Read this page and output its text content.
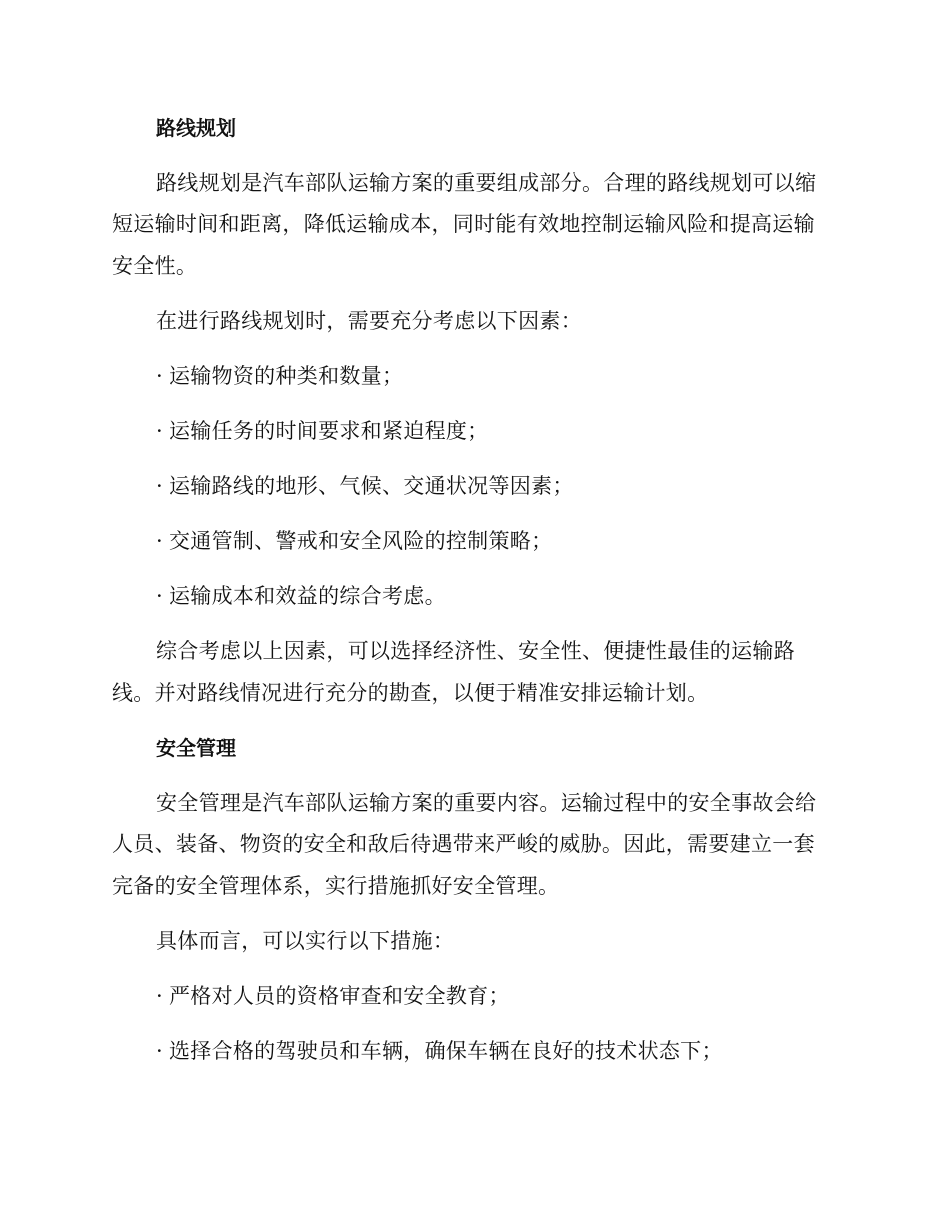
路线规划
路线规划是汽车部队运输方案的重要组成部分。合理的路线规划可以缩
短运输时间和距离，降低运输成本，同时能有效地控制运输风险和提高运输
安全性。
在进行路线规划时，需要充分考虑以下因素：
· 运输物资的种类和数量；
· 运输任务的时间要求和紧迫程度；
· 运输路线的地形、气候、交通状况等因素；
· 交通管制、警戒和安全风险的控制策略；
· 运输成本和效益的综合考虑。
综合考虑以上因素，可以选择经济性、安全性、便捷性最佳的运输路
线。并对路线情况进行充分的勘查，以便于精准安排运输计划。
安全管理
安全管理是汽车部队运输方案的重要内容。运输过程中的安全事故会给
人员、装备、物资的安全和敌后待遇带来严峻的威胁。因此，需要建立一套
完备的安全管理体系，实行措施抓好安全管理。
具体而言，可以实行以下措施：
· 严格对人员的资格审查和安全教育；
· 选择合格的驾驶员和车辆，确保车辆在良好的技术状态下；
